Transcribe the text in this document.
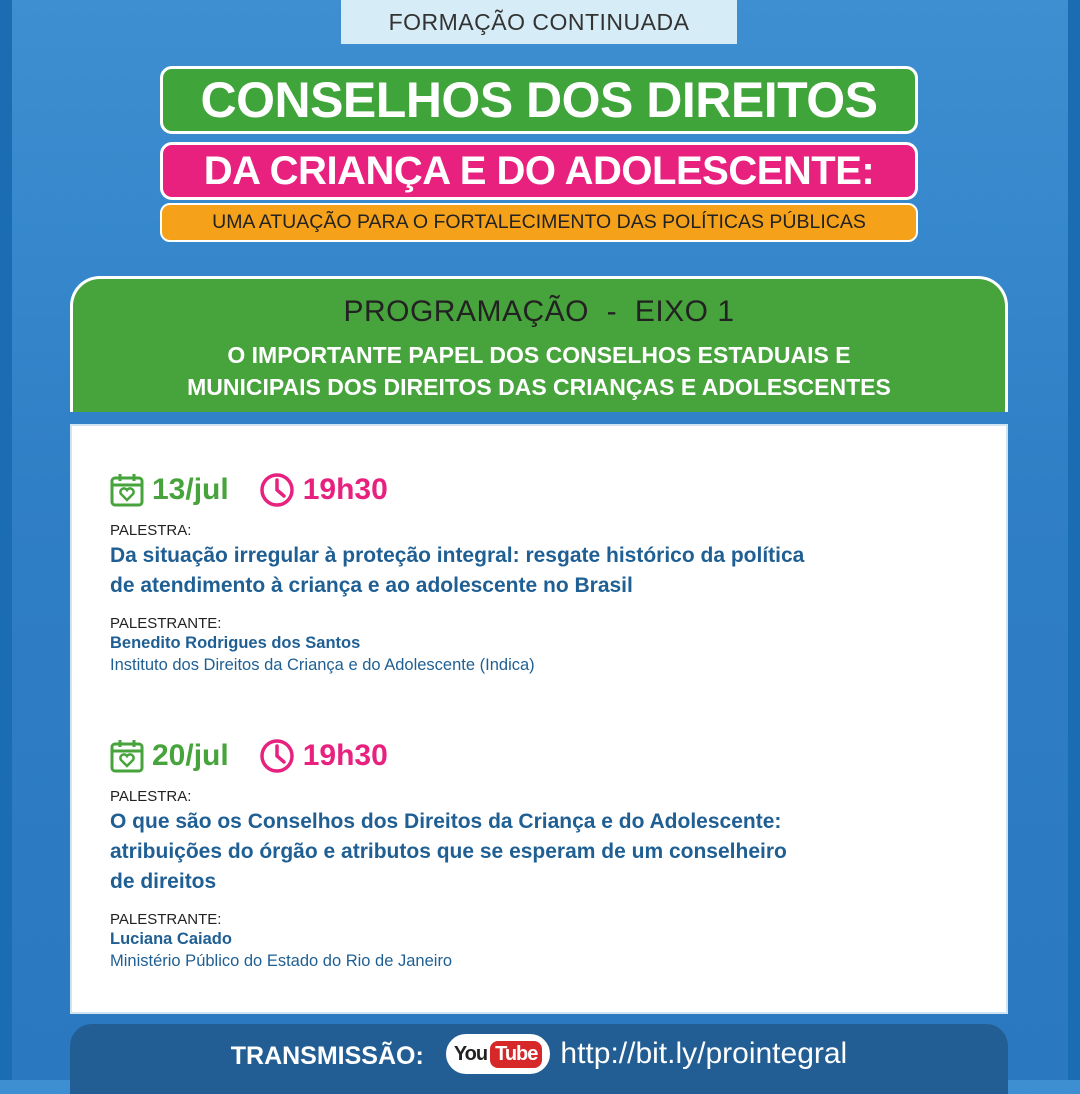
FORMAÇÃO CONTINUADA
CONSELHOS DOS DIREITOS
DA CRIANÇA E DO ADOLESCENTE:
UMA ATUAÇÃO PARA O FORTALECIMENTO DAS POLÍTICAS PÚBLICAS
PROGRAMAÇÃO  -  EIXO 1
O IMPORTANTE PAPEL DOS CONSELHOS ESTADUAIS E
MUNICIPAIS DOS DIREITOS DAS CRIANÇAS E ADOLESCENTES
13/jul 19h30
PALESTRA:
Da situação irregular à proteção integral: resgate histórico da política
de atendimento à criança e ao adolescente no Brasil
PALESTRANTE:
Benedito Rodrigues dos Santos
Instituto dos Direitos da Criança e do Adolescente (Indica)
20/jul 19h30
PALESTRA:
O que são os Conselhos dos Direitos da Criança e do Adolescente:
atribuições do órgão e atributos que se esperam de um conselheiro
de direitos
PALESTRANTE:
Luciana Caiado
Ministério Público do Estado do Rio de Janeiro
TRANSMISSÃO: You Tube http://bit.ly/prointegral
